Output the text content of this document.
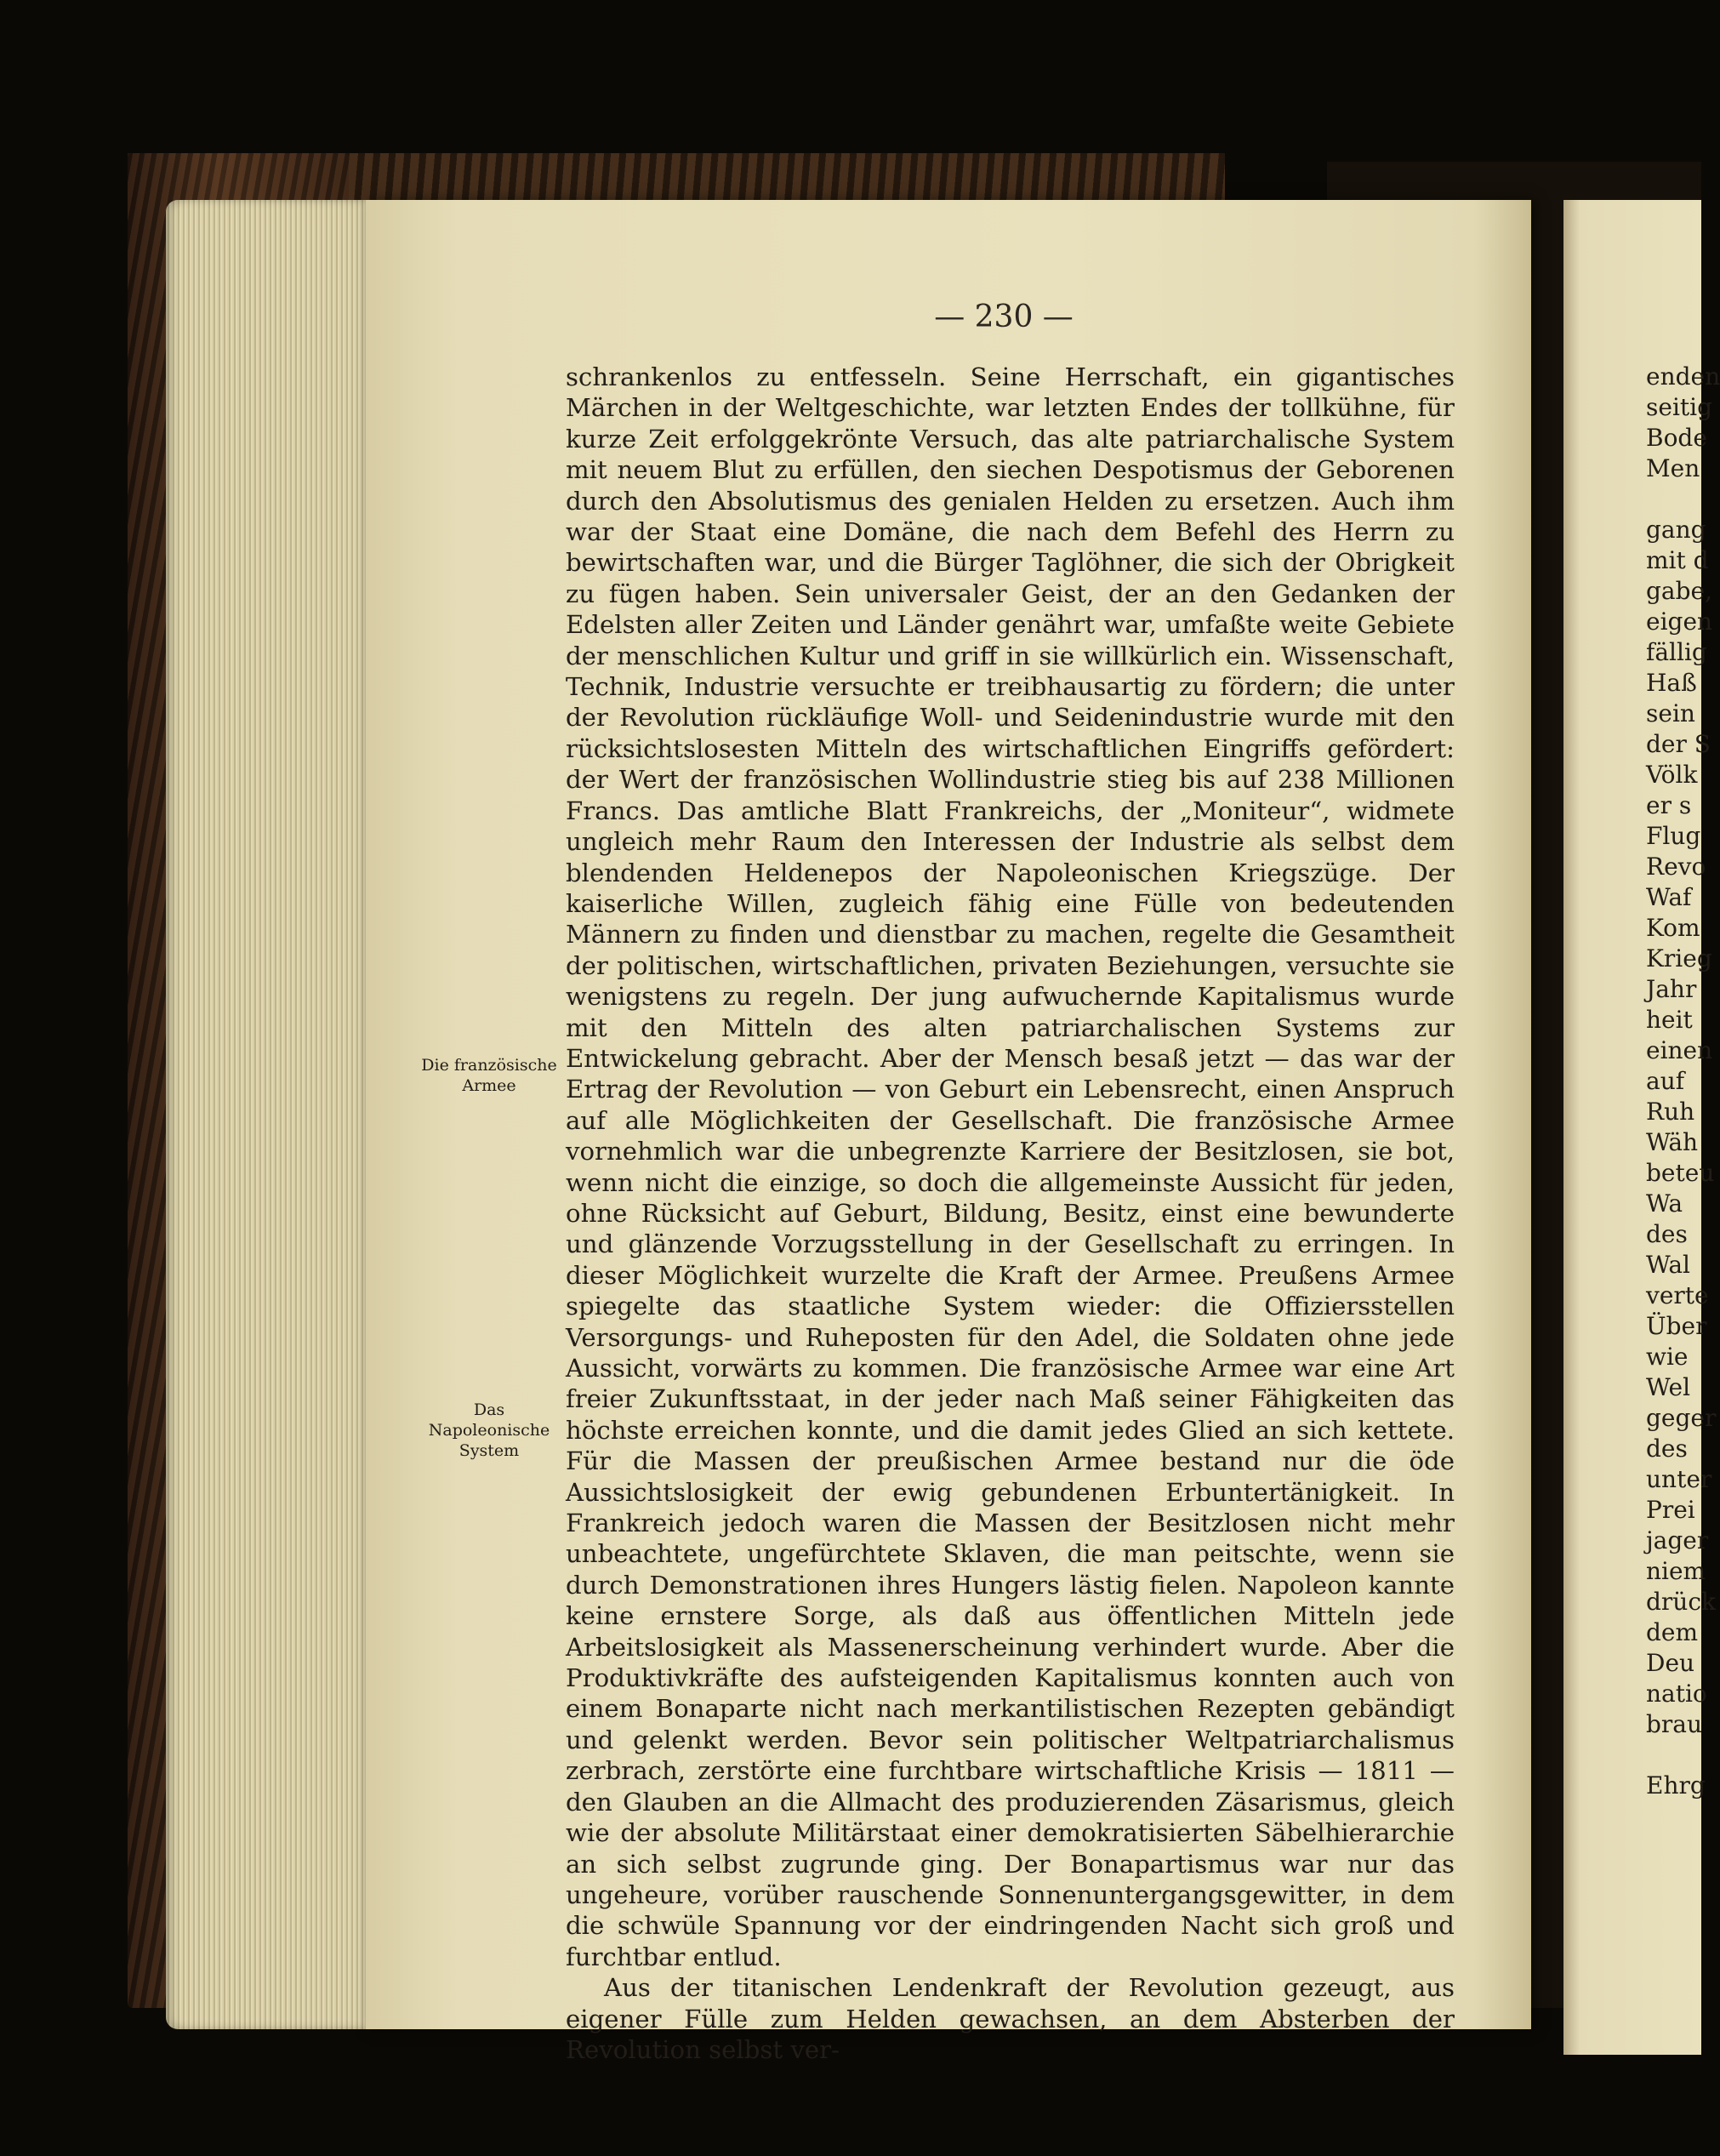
— 230 —
Die französische Armee
Das Napoleonische System

schrankenlos zu entfesseln. Seine Herrschaft, ein gigantisches Märchen in der Weltgeschichte, war letzten Endes der tollkühne, für kurze Zeit erfolggekrönte Versuch, das alte patriarchalische System mit neuem Blut zu erfüllen, den siechen Despotismus der Geborenen durch den Absolutismus des genialen Helden zu ersetzen. Auch ihm war der Staat eine Domäne, die nach dem Befehl des Herrn zu bewirtschaften war, und die Bürger Taglöhner, die sich der Obrigkeit zu fügen haben. Sein universaler Geist, der an den Gedanken der Edelsten aller Zeiten und Länder genährt war, umfaßte weite Gebiete der menschlichen Kultur und griff in sie willkürlich ein. Wissenschaft, Technik, Industrie versuchte er treibhausartig zu fördern; die unter der Revolution rückläufige Woll- und Seidenindustrie wurde mit den rücksichtslosesten Mitteln des wirtschaftlichen Eingriffs gefördert: der Wert der französischen Wollindustrie stieg bis auf 238 Millionen Francs. Das amtliche Blatt Frankreichs, der „Moniteur“, widmete ungleich mehr Raum den Interessen der Industrie als selbst dem blendenden Heldenepos der Napoleonischen Kriegszüge. Der kaiserliche Willen, zugleich fähig eine Fülle von bedeutenden Männern zu finden und dienstbar zu machen, regelte die Gesamtheit der politischen, wirtschaftlichen, privaten Beziehungen, versuchte sie wenigstens zu regeln. Der jung aufwuchernde Kapitalismus wurde mit den Mitteln des alten patriarchalischen Systems zur Entwickelung gebracht. Aber der Mensch besaß jetzt — das war der Ertrag der Revolution — von Geburt ein Lebensrecht, einen Anspruch auf alle Möglichkeiten der Gesellschaft. Die französische Armee vornehmlich war die unbegrenzte Karriere der Besitzlosen, sie bot, wenn nicht die einzige, so doch die allgemeinste Aussicht für jeden, ohne Rücksicht auf Geburt, Bildung, Besitz, einst eine bewunderte und glänzende Vorzugsstellung in der Gesellschaft zu erringen. In dieser Möglichkeit wurzelte die Kraft der Armee. Preußens Armee spiegelte das staatliche System wieder: die Offiziersstellen Versorgungs- und Ruheposten für den Adel, die Soldaten ohne jede Aussicht, vorwärts zu kommen. Die französische Armee war eine Art freier Zukunftsstaat, in der jeder nach Maß seiner Fähigkeiten das höchste erreichen konnte, und die damit jedes Glied an sich kettete. Für die Massen der preußischen Armee bestand nur die öde Aussichtslosigkeit der ewig gebundenen Erbuntertänigkeit. In Frankreich jedoch waren die Massen der Besitzlosen nicht mehr unbeachtete, ungefürchtete Sklaven, die man peitschte, wenn sie durch Demonstrationen ihres Hungers lästig fielen. Napoleon kannte keine ernstere Sorge, als daß aus öffentlichen Mitteln jede Arbeitslosigkeit als Massenerscheinung verhindert wurde. Aber die Produktivkräfte des aufsteigenden Kapitalismus konnten auch von einem Bonaparte nicht nach merkantilistischen Rezepten gebändigt und gelenkt werden. Bevor sein politischer Weltpatriarchalismus zerbrach, zerstörte eine furchtbare wirtschaftliche Krisis — 1811 — den Glauben an die Allmacht des produzierenden Zäsarismus, gleich wie der absolute Militärstaat einer demokratisierten Säbelhierarchie an sich selbst zugrunde ging. Der Bonapartismus war nur das ungeheure, vorüber rauschende Sonnenuntergangsgewitter, in dem die schwüle Spannung vor der eindringenden Nacht sich groß und furchtbar entlud.

Aus der titanischen Lendenkraft der Revolution gezeugt, aus eigener Fülle zum Helden gewachsen, an dem Absterben der Revolution selbst ver-

enden
seitig
Bode
Men
gang
mit d
gabe,
eigen
fällig
Haß
sein
der S
Völk
er s
Flug
Revo
Waf
Kom
Krieg
Jahr
heit
einen
auf
Ruh
Wäh
beteu
Wa
des
Wal
verte
Über
wie
Wel
geger
des
unter
Prei
jager
niem
drück
dem
Deu
natio
brau
Ehrg
